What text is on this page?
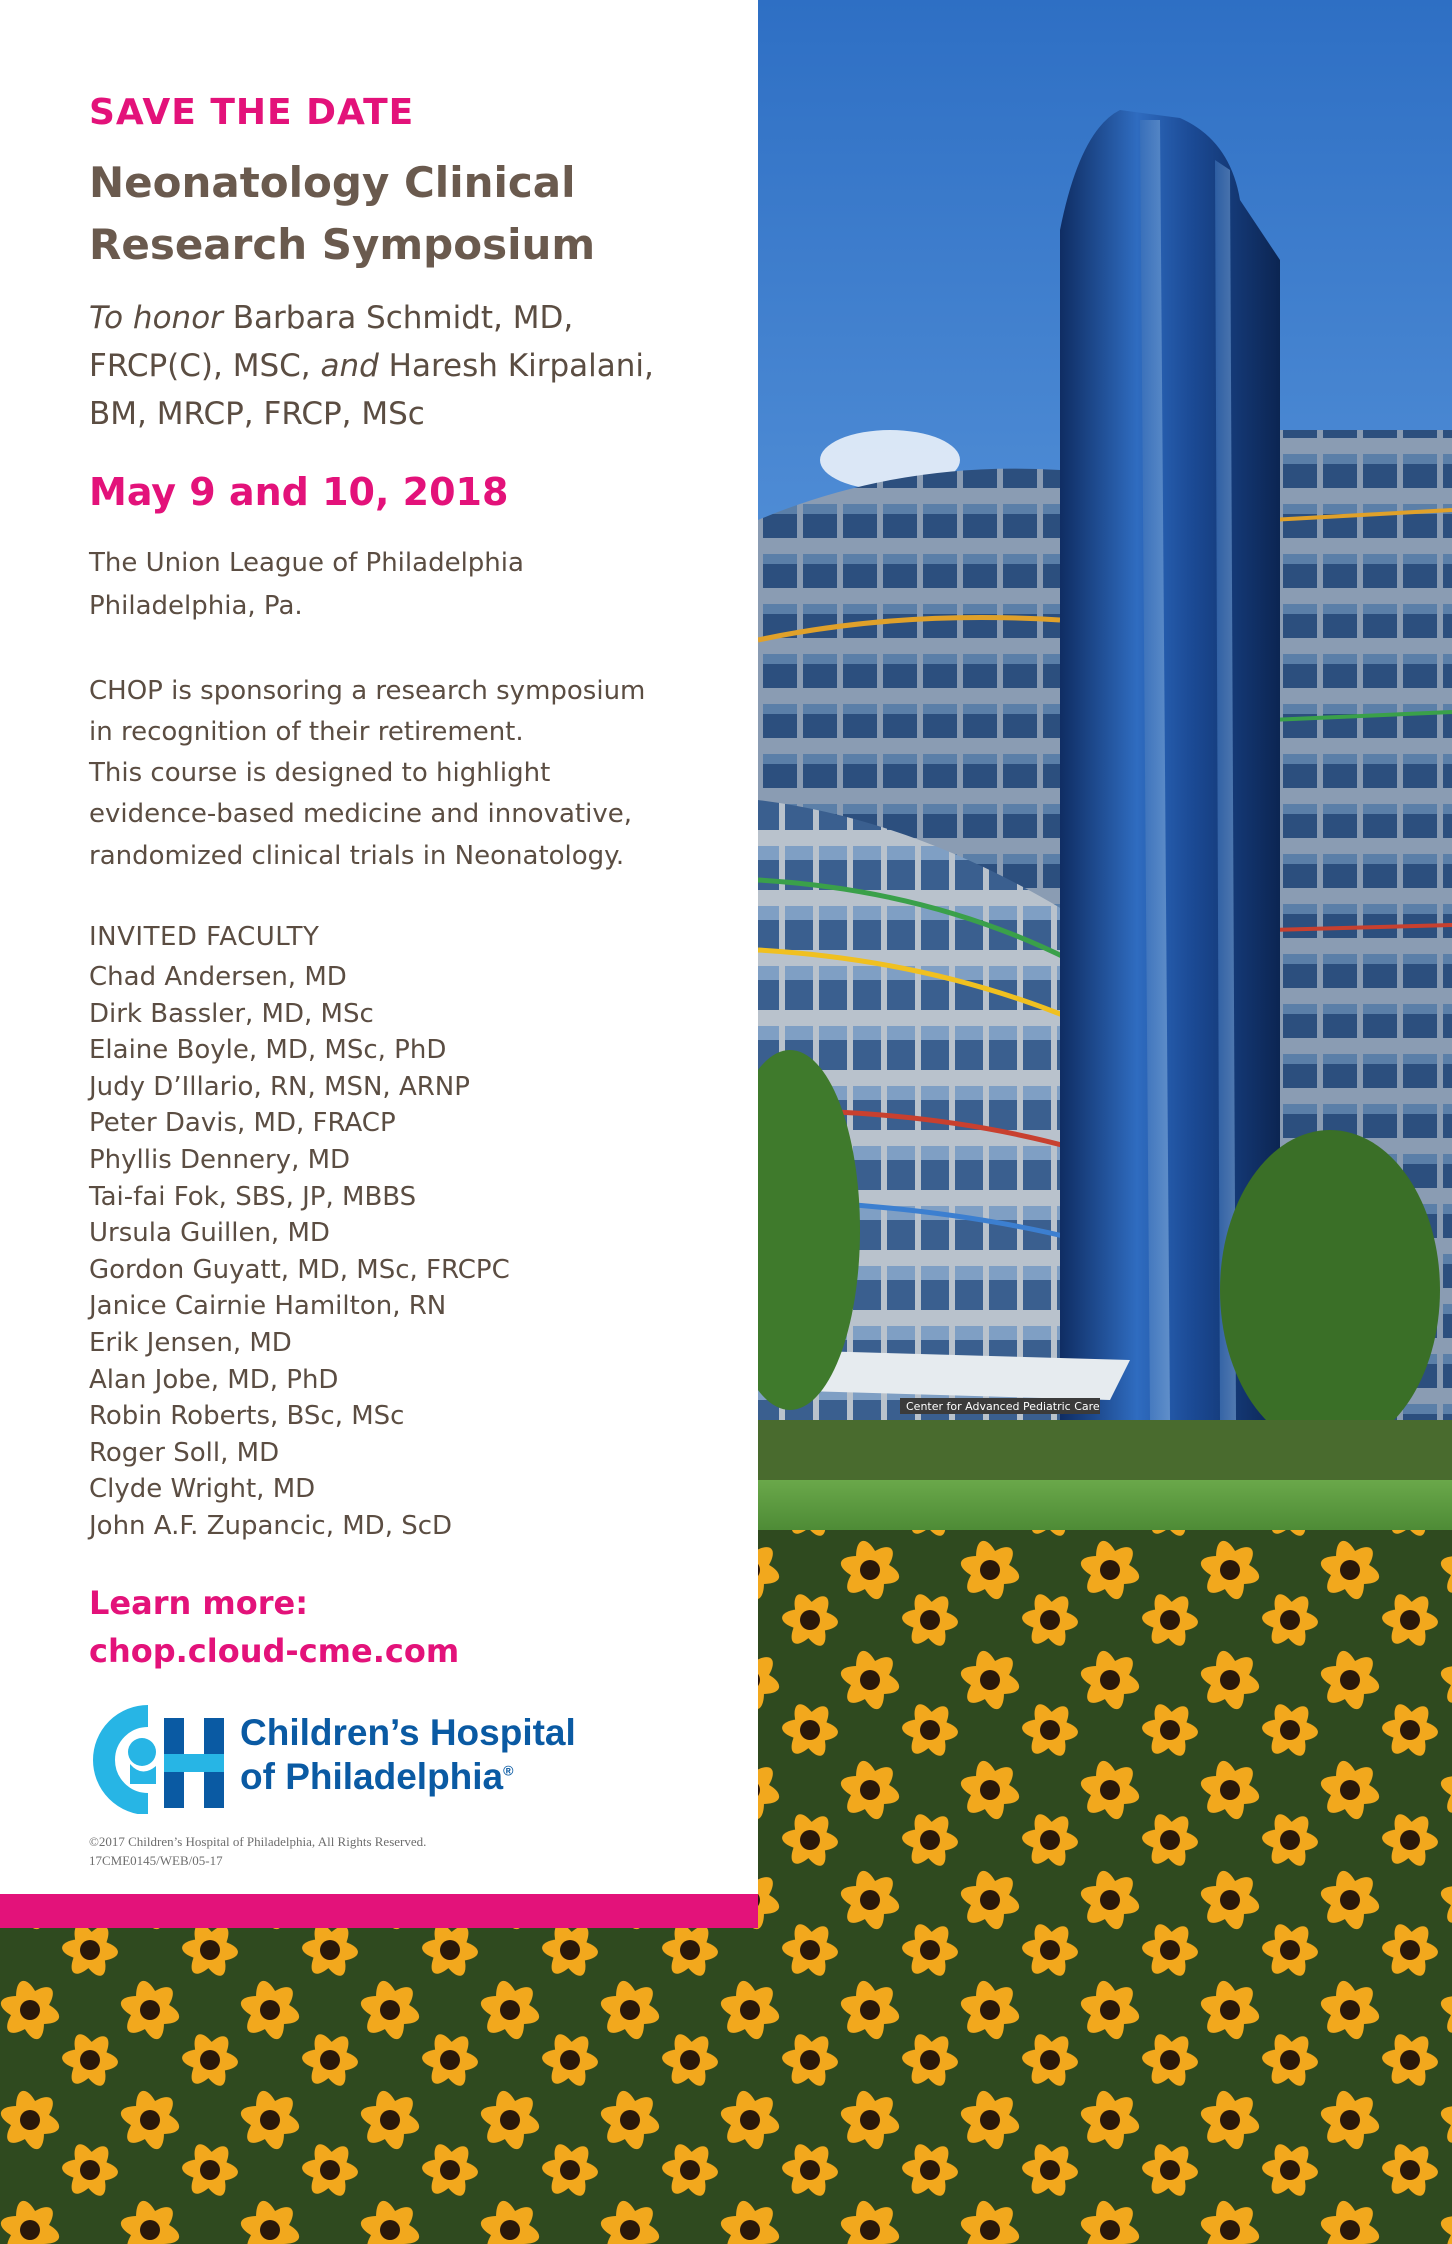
Center for Advanced Pediatric Care

SAVE THE DATE

Neonatology Clinical

Research Symposium

To honor Barbara Schmidt, MD,

FRCP(C), MSC, and Haresh Kirpalani,

BM, MRCP, FRCP, MSc

May 9 and 10, 2018

The Union League of Philadelphia

Philadelphia, Pa.

CHOP is sponsoring a research symposium

in recognition of their retirement.

This course is designed to highlight

evidence-based medicine and innovative,

randomized clinical trials in Neonatology.

INVITED FACULTY

Chad Andersen, MD
Dirk Bassler, MD, MSc
Elaine Boyle, MD, MSc, PhD
Judy D’Illario, RN, MSN, ARNP
Peter Davis, MD, FRACP
Phyllis Dennery, MD
Tai-fai Fok, SBS, JP, MBBS
Ursula Guillen, MD
Gordon Guyatt, MD, MSc, FRCPC
Janice Cairnie Hamilton, RN
Erik Jensen, MD
Alan Jobe, MD, PhD
Robin Roberts, BSc, MSc
Roger Soll, MD
Clyde Wright, MD
John A.F. Zupancic, MD, ScD

Learn more:

chop.cloud-cme.com

Children’s Hospital
of Philadelphia®

©2017 Children’s Hospital of Philadelphia, All Rights Reserved.

17CME0145/WEB/05-17
